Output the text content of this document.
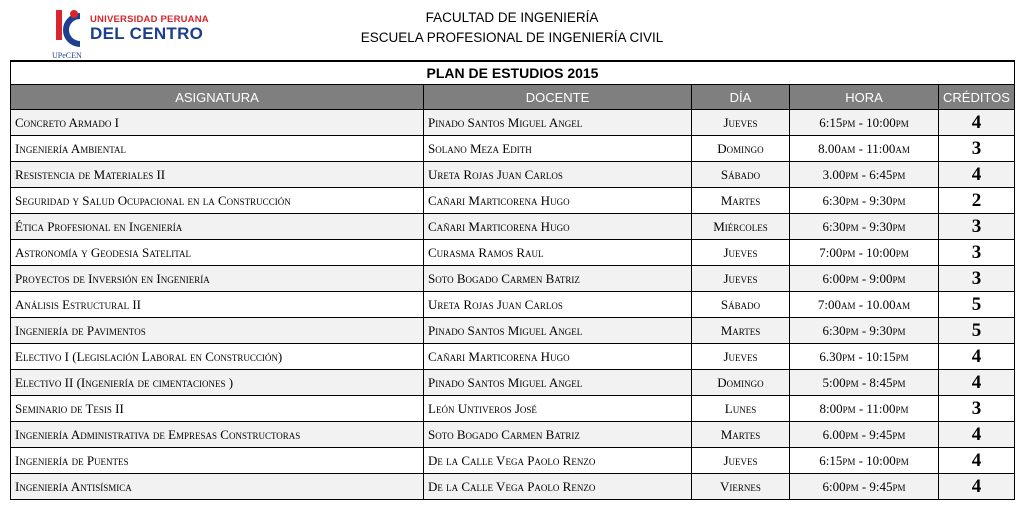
UNIVERSIDAD PERUANA
DEL CENTRO
UPeCEN
FACULTAD DE INGENIERÍA
ESCUELA PROFESIONAL DE INGENIERÍA CIVIL
PLAN DE ESTUDIOS 2015				
ASIGNATURA	DOCENTE	DÍA	HORA	CRÉDITOS
Concreto Armado I	Pinado Santos Miguel Angel	Jueves	6:15pm - 10:00pm	4
Ingeniería Ambiental	Solano Meza Edith	Domingo	8.00am - 11:00am	3
Resistencia de Materiales II	Ureta Rojas Juan Carlos	Sábado	3.00pm - 6:45pm	4
Seguridad y Salud Ocupacional en la Construcción	Cañari Marticorena Hugo	Martes	6:30pm - 9:30pm	2
Ética Profesional en Ingeniería	Cañari Marticorena Hugo	Miércoles	6:30pm - 9:30pm	3
Astronomía y Geodesia Satelital	Curasma Ramos Raul	Jueves	7:00pm - 10:00pm	3
Proyectos de Inversión en Ingeniería	Soto Bogado Carmen Batriz	Jueves	6:00pm - 9:00pm	3
Análisis Estructural II	Ureta Rojas Juan Carlos	Sábado	7:00am - 10.00am	5
Ingeniería de Pavimentos	Pinado Santos Miguel Angel	Martes	6:30pm - 9:30pm	5
Electivo I (Legislación Laboral en Construcción)	Cañari Marticorena Hugo	Jueves	6.30pm - 10:15pm	4
Electivo II (Ingeniería de cimentaciones )	Pinado Santos Miguel Angel	Domingo	5:00pm - 8:45pm	4
Seminario de Tesis II	León Untiveros José	Lunes	8:00pm - 11:00pm	3
Ingeniería Administrativa de Empresas Constructoras	Soto Bogado Carmen Batriz	Martes	6.00pm - 9:45pm	4
Ingeniería de Puentes	De la Calle Vega Paolo Renzo	Jueves	6:15pm - 10:00pm	4
Ingeniería Antisísmica	De la Calle Vega Paolo Renzo	Viernes	6:00pm - 9:45pm	4
